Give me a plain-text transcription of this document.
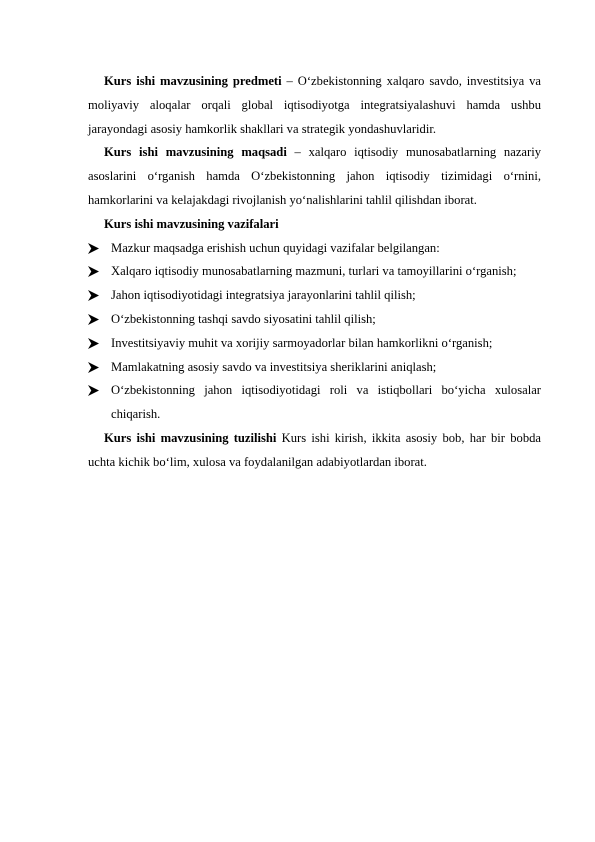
Kurs ishi mavzusining predmeti – O‘zbekistonning xalqaro savdo, investitsiya va moliyaviy aloqalar orqali global iqtisodiyotga integratsiyalashuvi hamda ushbu jarayondagi asosiy hamkorlik shakllari va strategik yondashuvlaridir.

Kurs ishi mavzusining maqsadi – xalqaro iqtisodiy munosabatlarning nazariy asoslarini o‘rganish hamda O‘zbekistonning jahon iqtisodiy tizimidagi o‘rnini, hamkorlarini va kelajakdagi rivojlanish yo‘nalishlarini tahlil qilishdan iborat.

Kurs ishi mavzusining vazifalari

Mazkur maqsadga erishish uchun quyidagi vazifalar belgilangan:
Xalqaro iqtisodiy munosabatlarning mazmuni, turlari va tamoyillarini o‘rganish;
Jahon iqtisodiyotidagi integratsiya jarayonlarini tahlil qilish;
O‘zbekistonning tashqi savdo siyosatini tahlil qilish;
Investitsiyaviy muhit va xorijiy sarmoyadorlar bilan hamkorlikni o‘rganish;
Mamlakatning asosiy savdo va investitsiya sheriklarini aniqlash;
O‘zbekistonning jahon iqtisodiyotidagi roli va istiqbollari bo‘yicha xulosalar chiqarish.

Kurs ishi mavzusining tuzilishi Kurs ishi kirish, ikkita asosiy bob, har bir bobda uchta kichik bo‘lim, xulosa va foydalanilgan adabiyotlardan iborat.
